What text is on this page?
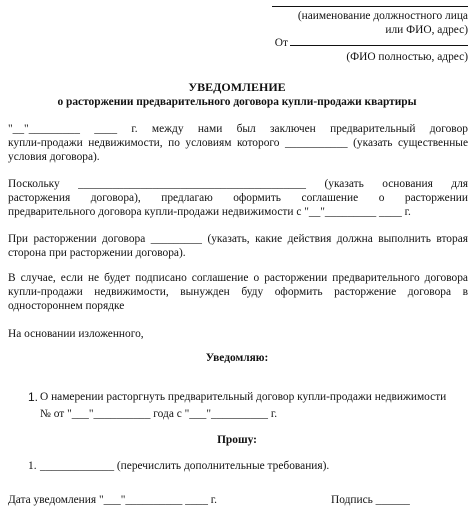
(наименование должностного лица
или ФИО, адрес)
От
(ФИО полностью, адрес)
УВЕДОМЛЕНИЕ
о расторжении предварительного договора купли-продажи квартиры
"__"_________ ____ г. между нами был заключен предварительный договор
купли-продажи недвижимости, по условиям которого ___________ (указать существенные
условия договора).
Поскольку ________________________________________ (указать основания для
расторжения договора), предлагаю оформить соглашение о расторжении
предварительного договора купли-продажи недвижимости с "__"_________ ____ г.
При расторжении договора _________ (указать, какие действия должна выполнить вторая
сторона при расторжении договора).
В случае, если не будет подписано соглашение о расторжении предварительного договора
купли-продажи недвижимости, вынужден буду оформить расторжение договора в
одностороннем порядке
На основании изложенного,
Уведомляю:
1. О намерении расторгнуть предварительный договор купли-продажи недвижимости
№ от "___"__________ года с "___"__________ г.
Прошу:
1. _____________ (перечислить дополнительные требования).
Дата уведомления "___"__________ ____ г.	Подпись ______
